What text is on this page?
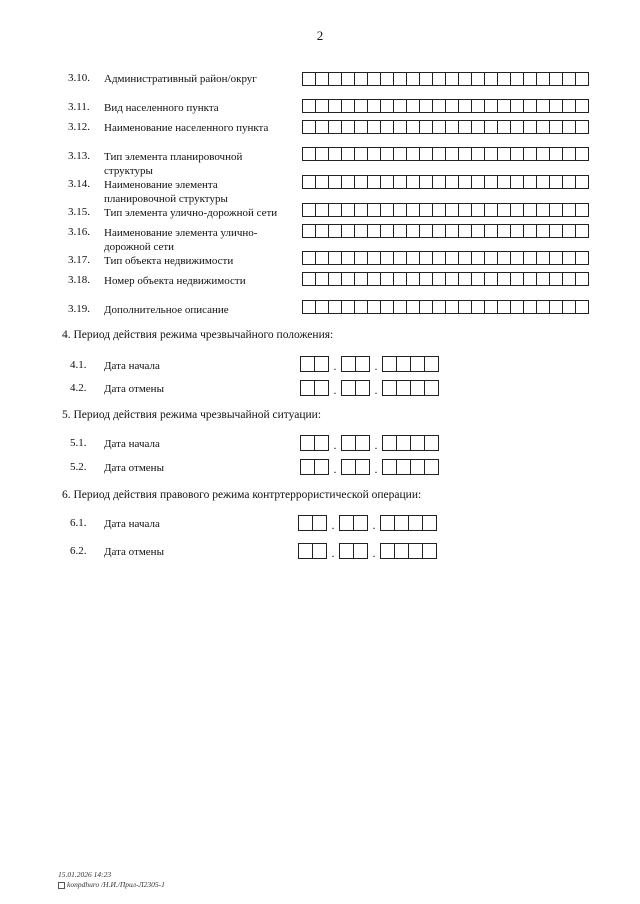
2
3.10. Административный район/округ
3.11. Вид населенного пункта
3.12. Наименование населенного пункта
3.13. Тип элемента планировочной структуры
3.14. Наименование элемента планировочной структуры
3.15. Тип элемента улично-дорожной сети
3.16. Наименование элемента улично-дорожной сети
3.17. Тип объекта недвижимости
3.18. Номер объекта недвижимости
3.19. Дополнительное описание
4. Период действия режима чрезвычайного положения:
4.1. Дата начала	.	.
4.2. Дата отмены	.	.
5. Период действия режима чрезвычайной ситуации:
5.1. Дата начала	.	.
5.2. Дата отмены	.	.
6. Период действия правового режима контртеррористической операции:
6.1. Дата начала	.	.
6.2. Дата отмены	.	.
15.01.2026 14:23
konpdhuro /Н.И./Прил-Л2305-1
